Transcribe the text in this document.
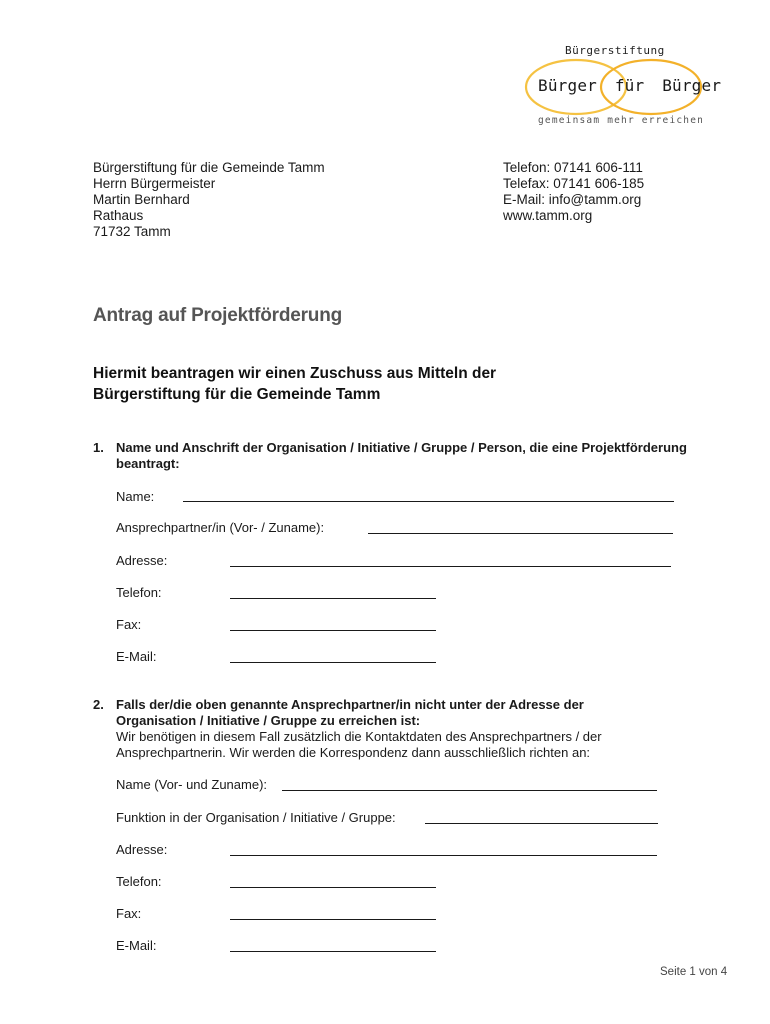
Bürgerstiftung
Bürger für Bürger
gemeinsam mehr erreichen
Bürgerstiftung für die Gemeinde Tamm
Herrn Bürgermeister
Martin Bernhard
Rathaus
71732 Tamm
Telefon: 07141 606-111
Telefax: 07141 606-185
E-Mail: info@tamm.org
www.tamm.org
Antrag auf Projektförderung
Hiermit beantragen wir einen Zuschuss aus Mitteln der
Bürgerstiftung für die Gemeinde Tamm
1. Name und Anschrift der Organisation / Initiative / Gruppe / Person, die eine Projektförderung
beantragt:
Name:
Ansprechpartner/in (Vor- / Zuname):
Adresse:
Telefon:
Fax:
E-Mail:
2. Falls der/die oben genannte Ansprechpartner/in nicht unter der Adresse der
Organisation / Initiative / Gruppe zu erreichen ist:
Wir benötigen in diesem Fall zusätzlich die Kontaktdaten des Ansprechpartners / der
Ansprechpartnerin. Wir werden die Korrespondenz dann ausschließlich richten an:
Name (Vor- und Zuname):
Funktion in der Organisation / Initiative / Gruppe:
Adresse:
Telefon:
Fax:
E-Mail:
Seite 1 von 4
